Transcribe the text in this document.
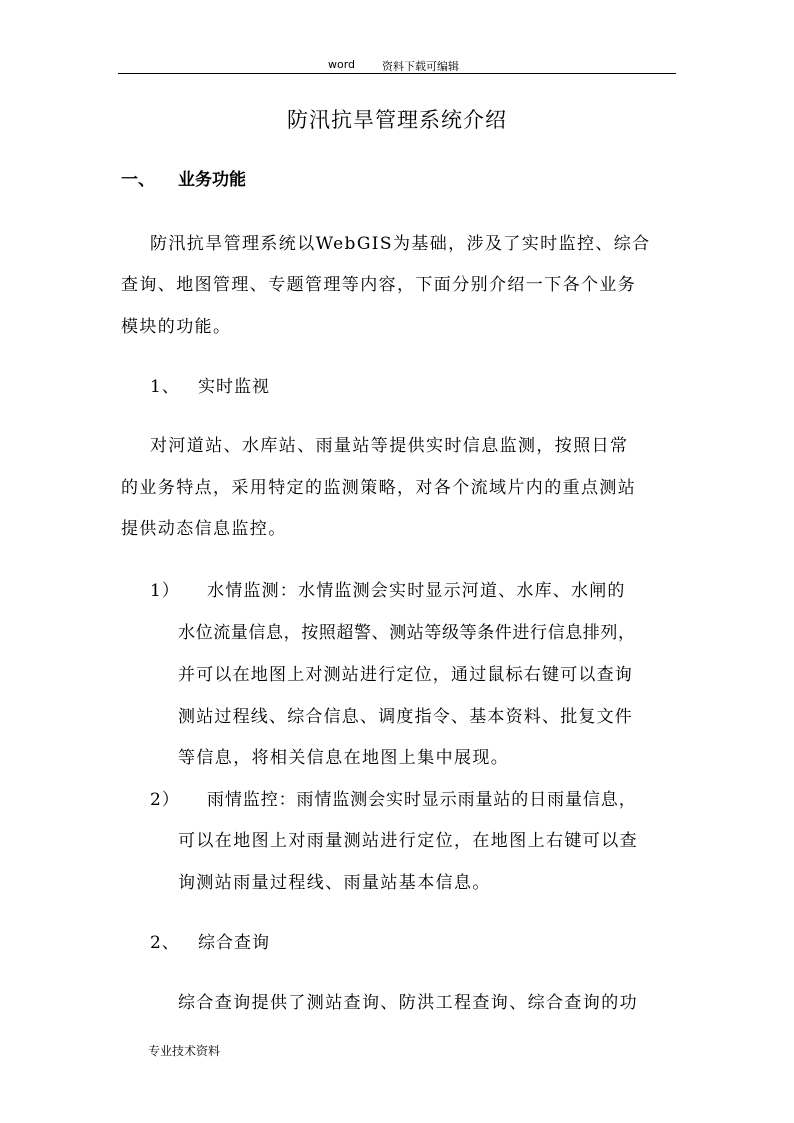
word 资料下载可编辑
防汛抗旱管理系统介绍
一、 业务功能
防汛抗旱管理系统以WebGIS为基础，涉及了实时监控、综合
查询、地图管理、专题管理等内容，下面分别介绍一下各个业务
模块的功能。
1、 实时监视
对河道站、水库站、雨量站等提供实时信息监测，按照日常
的业务特点，采用特定的监测策略，对各个流域片内的重点测站
提供动态信息监控。
1） 水情监测：水情监测会实时显示河道、水库、水闸的
水位流量信息，按照超警、测站等级等条件进行信息排列，
并可以在地图上对测站进行定位，通过鼠标右键可以查询
测站过程线、综合信息、调度指令、基本资料、批复文件
等信息，将相关信息在地图上集中展现。
2） 雨情监控：雨情监测会实时显示雨量站的日雨量信息，
可以在地图上对雨量测站进行定位，在地图上右键可以查
询测站雨量过程线、雨量站基本信息。
2、 综合查询
综合查询提供了测站查询、防洪工程查询、综合查询的功
专业技术资料
